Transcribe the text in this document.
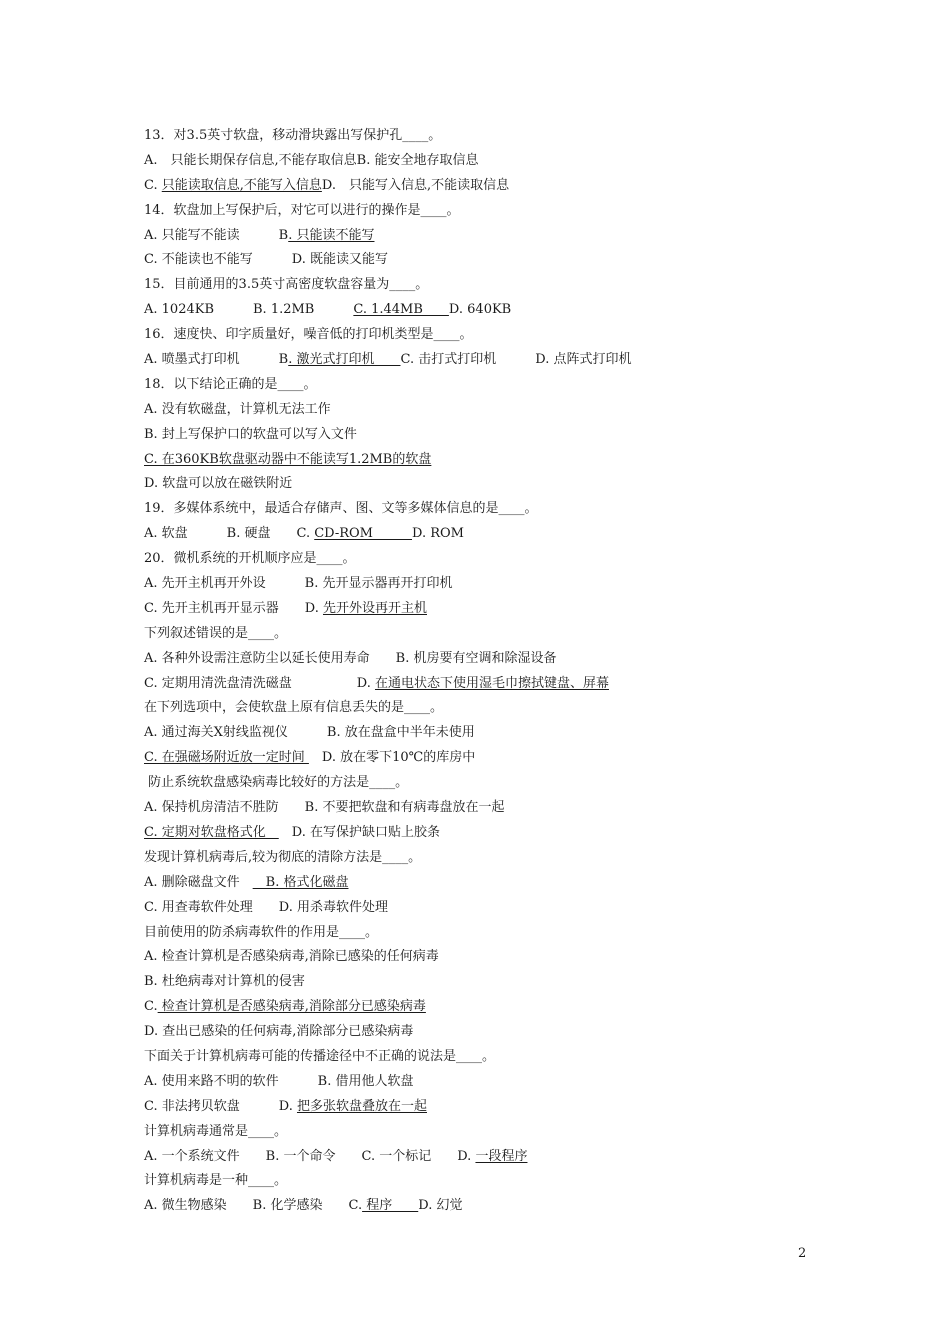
13．对3.5英寸软盘，移动滑块露出写保护孔____。
A.　只能长期保存信息,不能存取信息B. 能安全地存取信息
C. 只能读取信息,不能写入信息D.　只能写入信息,不能读取信息
14．软盘加上写保护后，对它可以进行的操作是____。
A. 只能写不能读　　　B. 只能读不能写
C. 不能读也不能写　　　D. 既能读又能写
15．目前通用的3.5英寸高密度软盘容量为____。
A. 1024KB　　　B. 1.2MB　　　C. 1.44MB　　D. 640KB
16．速度快、印字质量好，噪音低的打印机类型是____。
A. 喷墨式打印机　　　B. 激光式打印机　　C. 击打式打印机　　　D. 点阵式打印机
18．以下结论正确的是____。
A. 没有软磁盘，计算机无法工作
B. 封上写保护口的软盘可以写入文件
C. 在360KB软盘驱动器中不能读写1.2MB的软盘
D. 软盘可以放在磁铁附近
19．多媒体系统中，最适合存储声、图、文等多媒体信息的是____。
A. 软盘　　　B. 硬盘　　C. CD-ROM　　　D. ROM
20．微机系统的开机顺序应是____。
A. 先开主机再开外设　　　B. 先开显示器再开打印机
C. 先开主机再开显示器　　D. 先开外设再开主机
下列叙述错误的是____。
A. 各种外设需注意防尘以延长使用寿命　　B. 机房要有空调和除湿设备
C. 定期用清洗盘清洗磁盘　　　　　D. 在通电状态下使用湿毛巾擦拭键盘、屏幕
在下列选项中，会使软盘上原有信息丢失的是____。
A. 通过海关X射线监视仪　　　B. 放在盘盒中半年未使用
C. 在强磁场附近放一定时间 　D. 放在零下10℃的库房中
防止系统软盘感染病毒比较好的方法是____。
A. 保持机房清洁不胜防　　B. 不要把软盘和有病毒盘放在一起
C. 定期对软盘格式化　　D. 在写保护缺口贴上胶条
发现计算机病毒后,较为彻底的清除方法是____。
A. 删除磁盘文件　　B. 格式化磁盘
C. 用查毒软件处理　　D. 用杀毒软件处理
目前使用的防杀病毒软件的作用是____。
A. 检查计算机是否感染病毒,消除已感染的任何病毒
B. 杜绝病毒对计算机的侵害
C. 检查计算机是否感染病毒,消除部分已感染病毒
D. 查出已感染的任何病毒,消除部分已感染病毒
下面关于计算机病毒可能的传播途径中不正确的说法是____。
A. 使用来路不明的软件　　　B. 借用他人软盘
C. 非法拷贝软盘　　　D. 把多张软盘叠放在一起
计算机病毒通常是____。
A. 一个系统文件　　B. 一个命令　　C. 一个标记　　D. 一段程序
计算机病毒是一种____。
A. 微生物感染　　B. 化学感染　　C. 程序　　D. 幻觉
2
